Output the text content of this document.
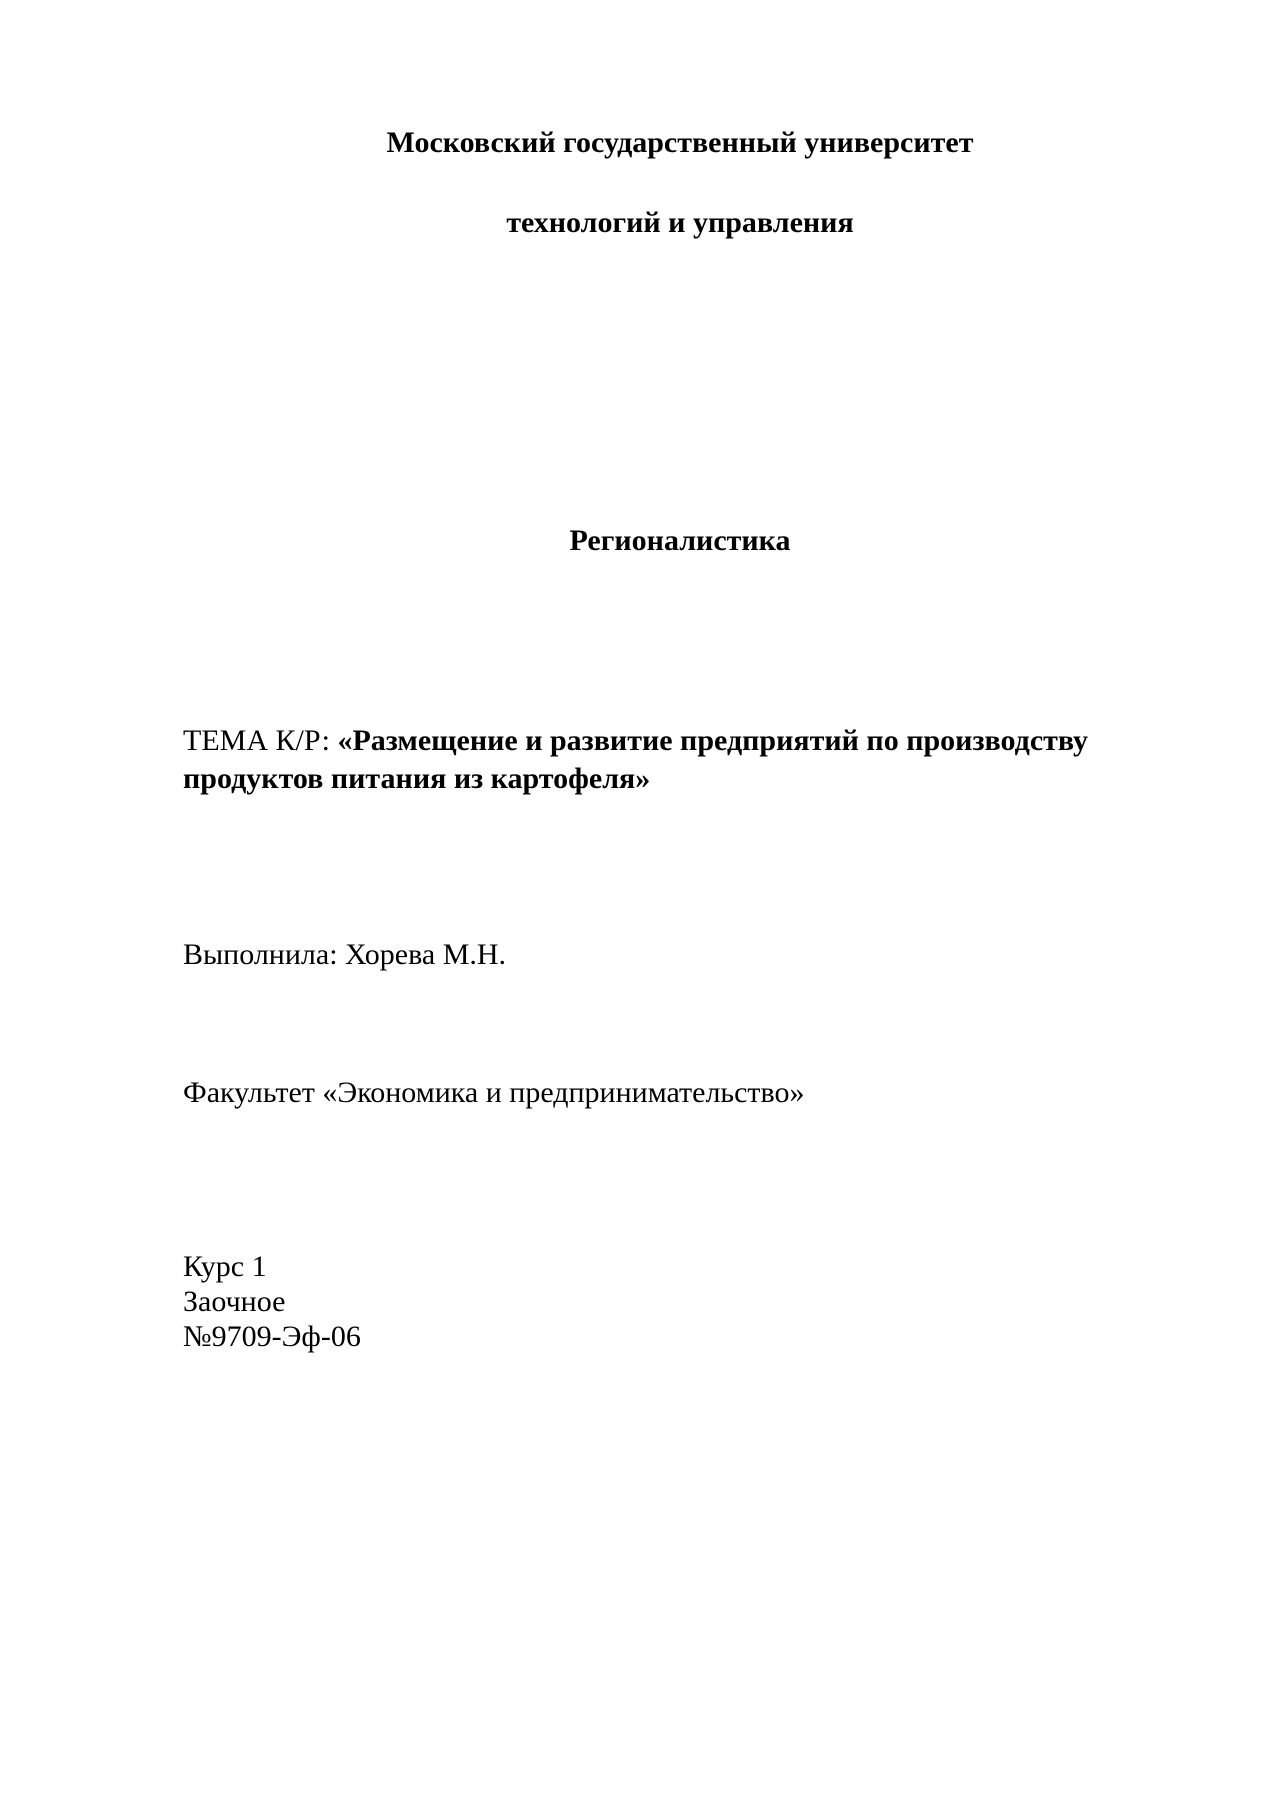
Московский государственный университет
технологий и управления
Регионалистика
ТЕМА К/Р: «Размещение и развитие предприятий по производству
продуктов питания из картофеля»
Выполнила: Хорева М.Н.
Факультет «Экономика и предпринимательство»
Курс 1
Заочное
№9709-Эф-06
